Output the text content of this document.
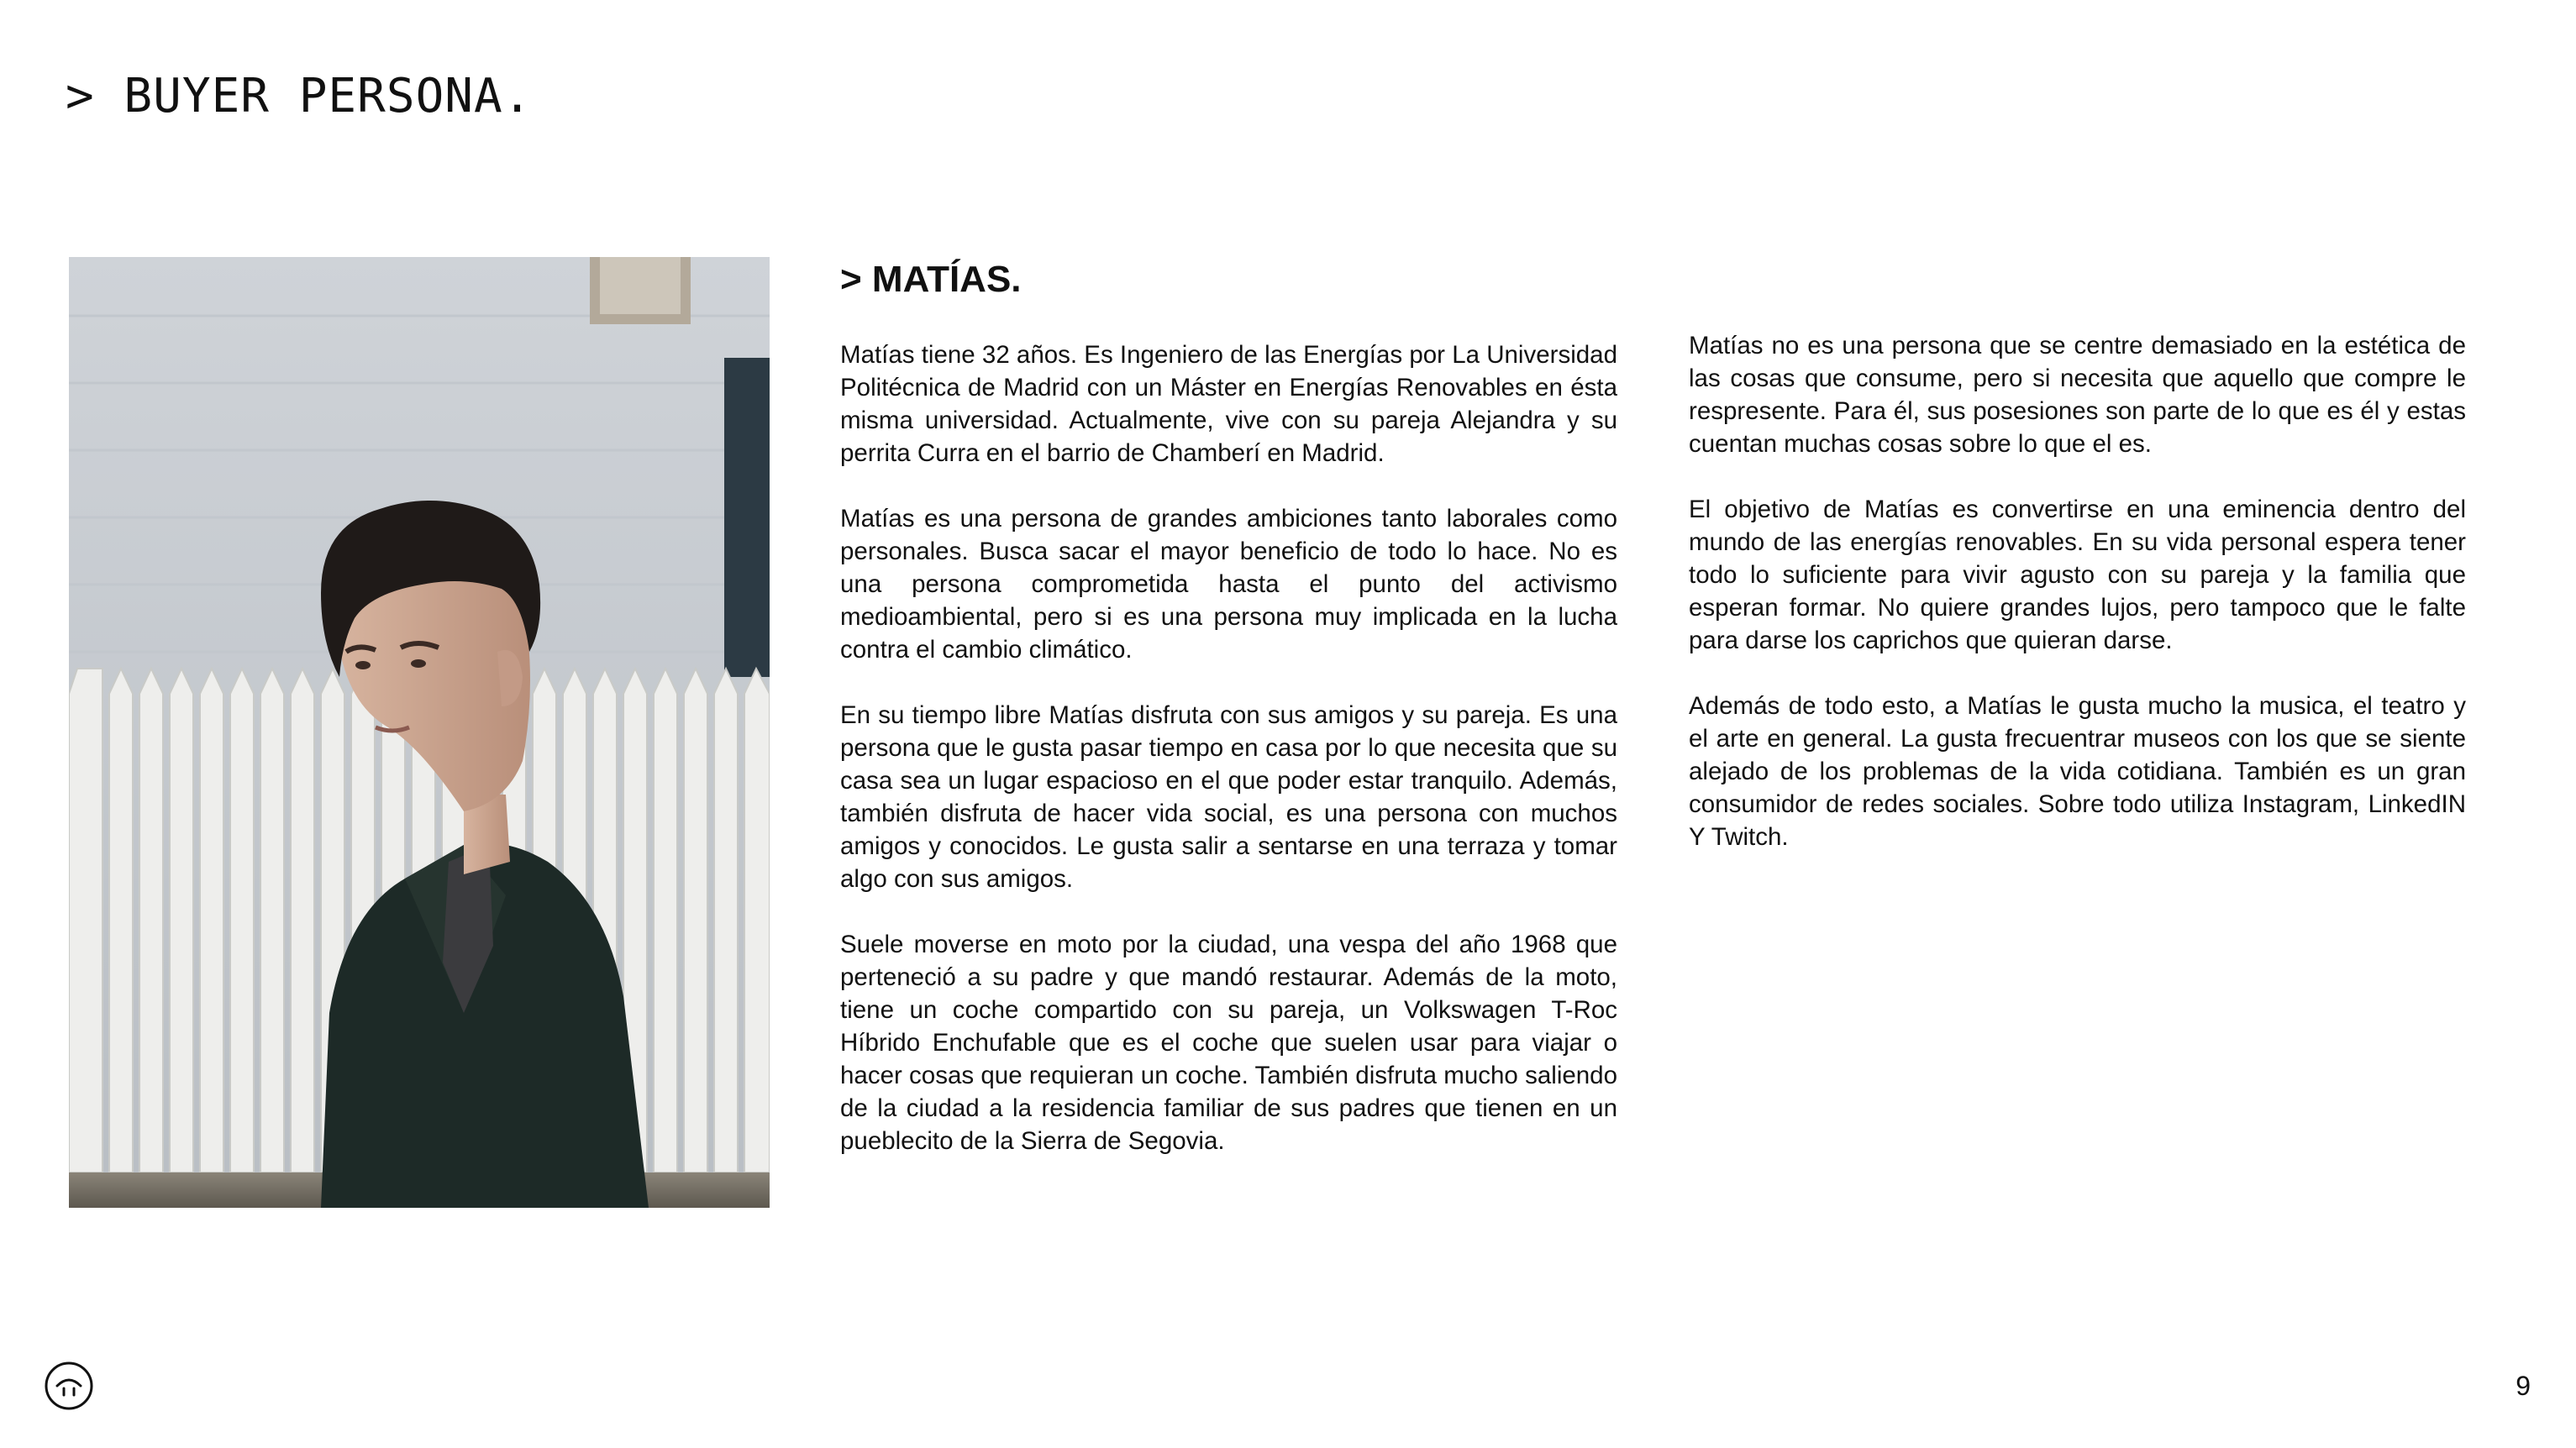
> BUYER PERSONA.
> MATÍAS.

Matías tiene 32 años. Es Ingeniero de las Energías por La Universidad Politécnica de Madrid con un Máster en Energías Renovables en ésta misma universidad. Actualmente, vive con su pareja Alejandra y su perrita Curra en el barrio de Chamberí en Madrid.

Matías es una persona de grandes ambiciones tanto laborales como personales. Busca sacar el mayor beneficio de todo lo hace. No es una persona comprometida hasta el punto del activismo medioambiental, pero si es una persona muy implicada en la lucha contra el cambio climático.

En su tiempo libre Matías disfruta con sus amigos y su pareja. Es una persona que le gusta pasar tiempo en casa por lo que necesita que su casa sea un lugar espacioso en el que poder estar tranquilo. Además, también disfruta de hacer vida social, es una persona con muchos amigos y conocidos. Le gusta salir a sentarse en una terraza y tomar algo con sus amigos.

Suele moverse en moto por la ciudad, una vespa del año 1968 que perteneció a su padre y que mandó restaurar. Además de la moto, tiene un coche compartido con su pareja, un Volkswagen T-Roc Híbrido Enchufable que es el coche que suelen usar para viajar o hacer cosas que requieran un coche. También disfruta mucho saliendo de la ciudad a la residencia familiar de sus padres que tienen en un pueblecito de la Sierra de Segovia.

Matías no es una persona que se centre demasiado en la estética de las cosas que consume, pero si necesita que aquello que compre le respresente. Para él, sus posesiones son parte de lo que es él y estas cuentan muchas cosas sobre lo que el es.

El objetivo de Matías es convertirse en una eminencia dentro del mundo de las energías renovables. En su vida personal espera tener todo lo suficiente para vivir agusto con su pareja y la familia que esperan formar. No quiere grandes lujos, pero tampoco que le falte para darse los caprichos que quieran darse.

Además de todo esto, a Matías le gusta mucho la musica, el teatro y el arte en general. La gusta frecuentrar museos con los que se siente alejado de los problemas de la vida cotidiana. También es un gran consumidor de redes sociales. Sobre todo utiliza Instagram, LinkedIN Y Twitch.

9
